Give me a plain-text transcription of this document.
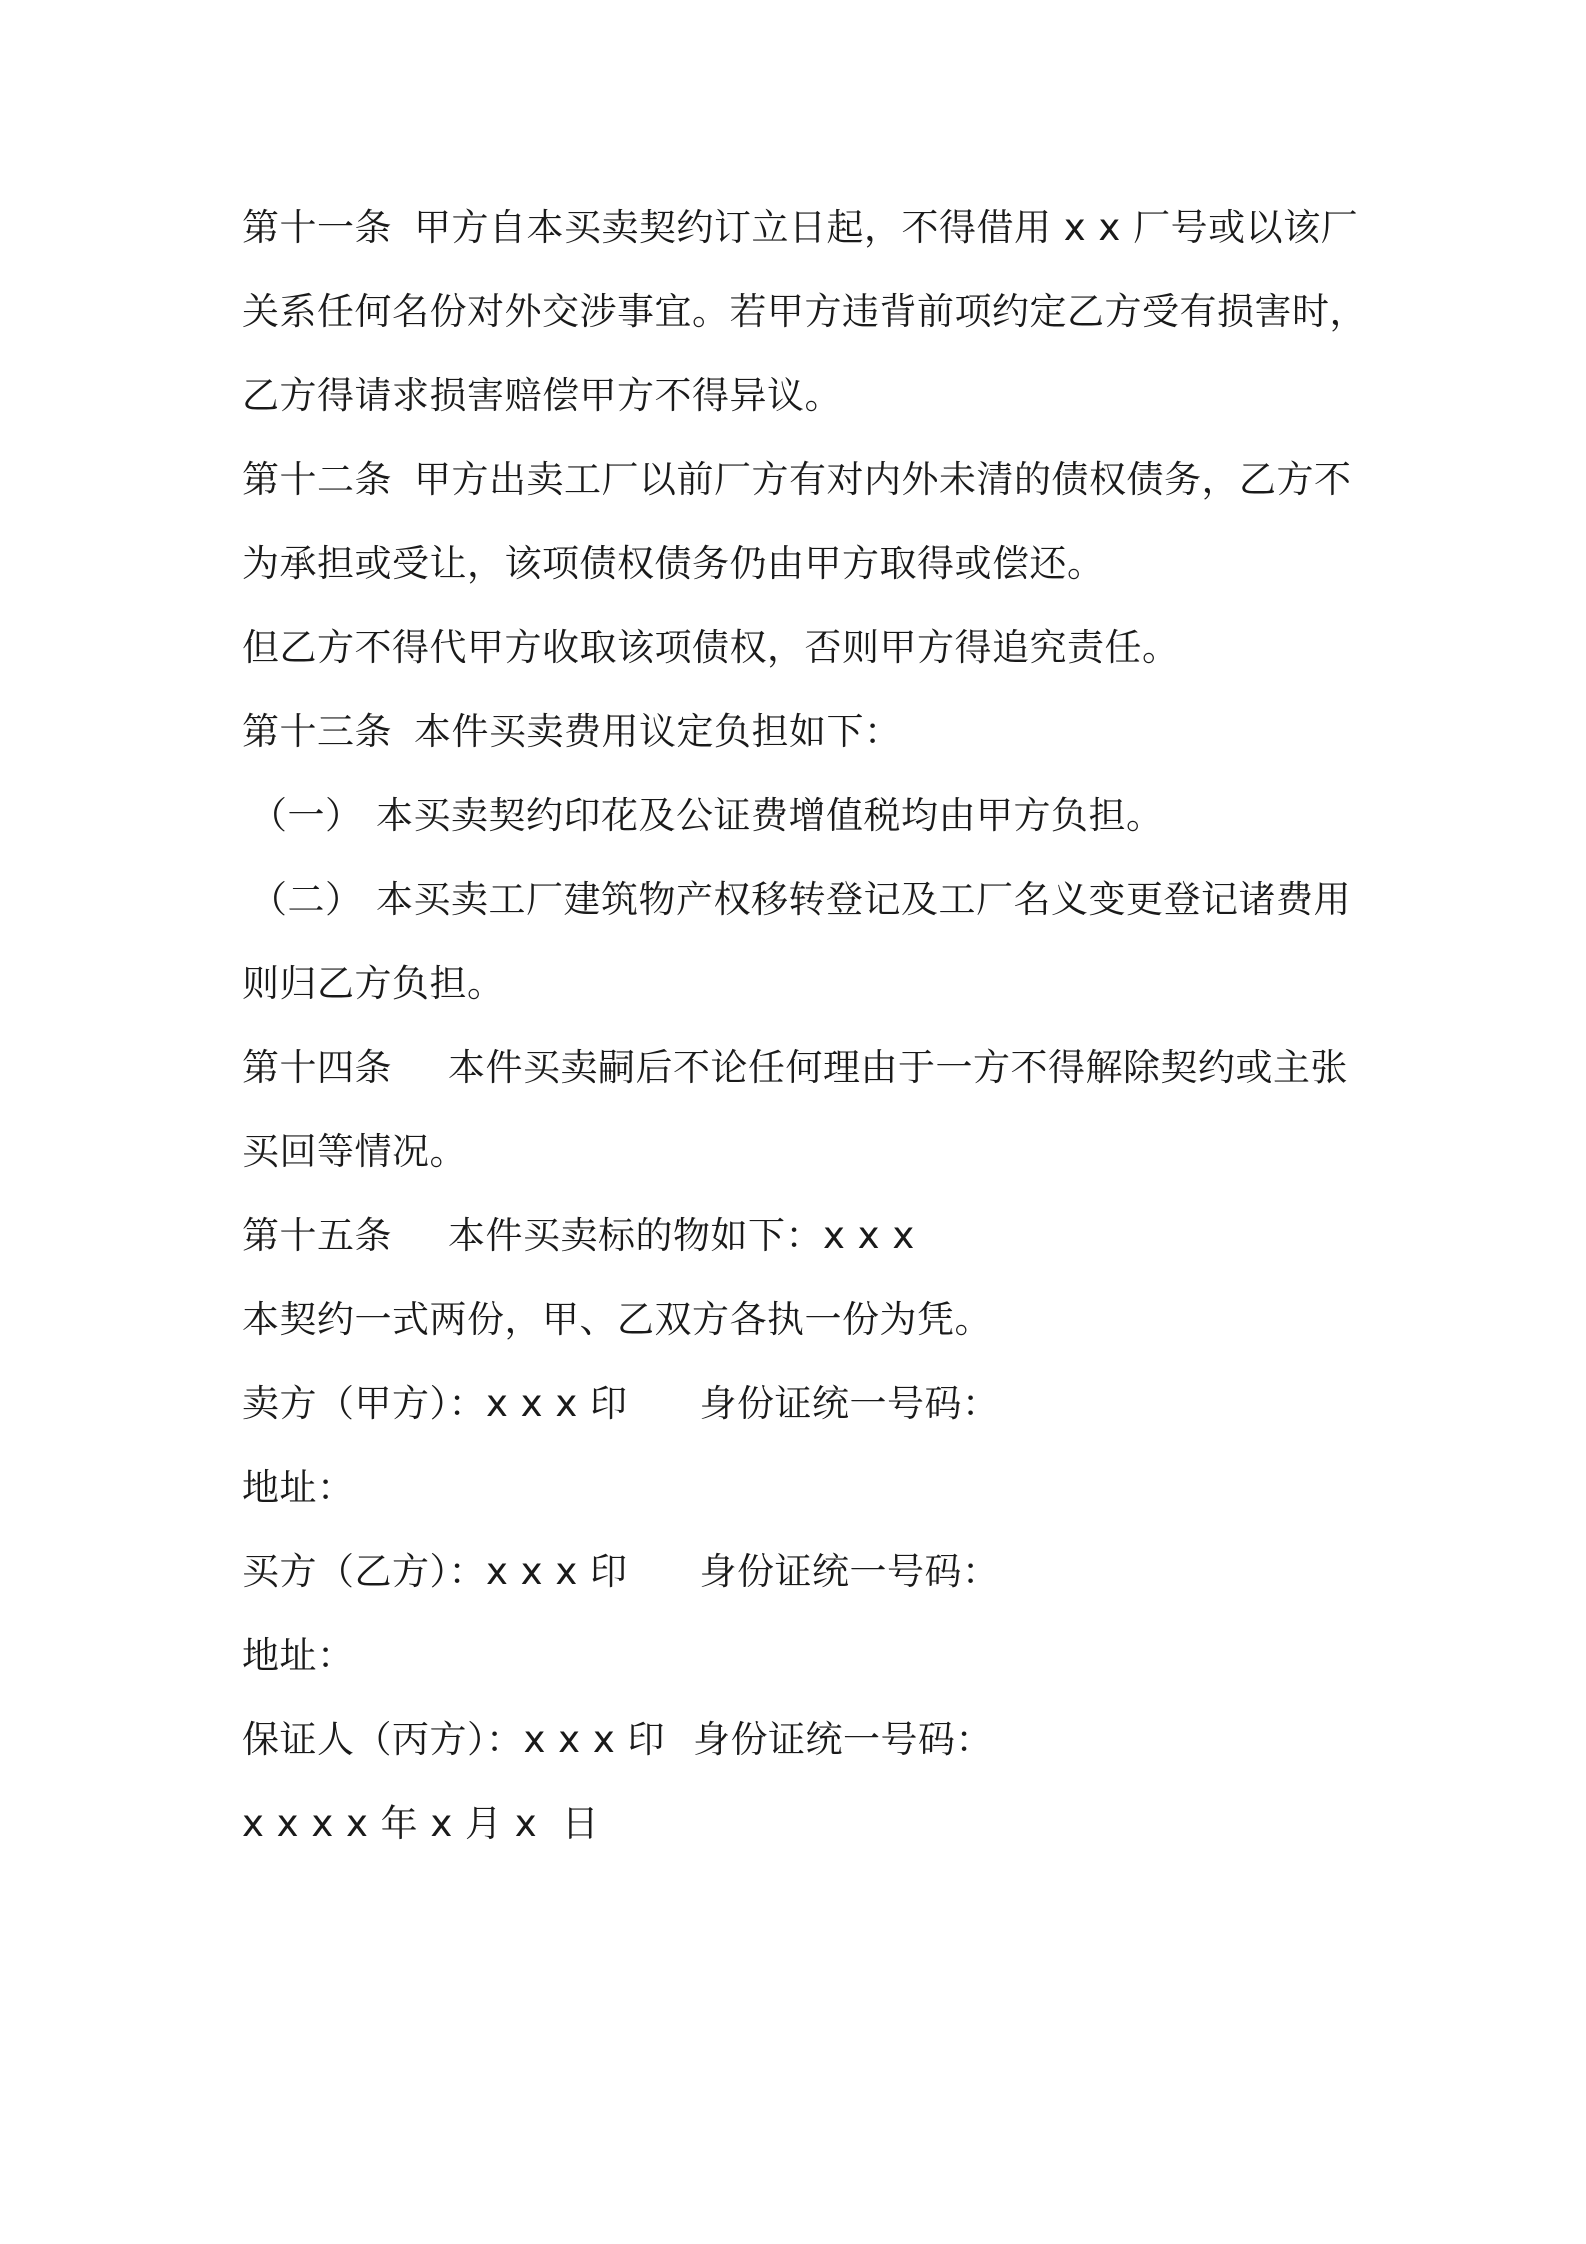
第十一条 甲方自本买卖契约订立日起，不得借用 x x 厂号或以该厂
关系任何名份对外交涉事宜。若甲方违背前项约定乙方受有损害时，
乙方得请求损害赔偿甲方不得异议。
第十二条 甲方出卖工厂以前厂方有对内外未清的债权债务，乙方不
为承担或受让，该项债权债务仍由甲方取得或偿还。
但乙方不得代甲方收取该项债权，否则甲方得追究责任。
第十三条 本件买卖费用议定负担如下：
（一） 本买卖契约印花及公证费增值税均由甲方负担。
（二） 本买卖工厂建筑物产权移转登记及工厂名义变更登记诸费用
则归乙方负担。
第十四条 本件买卖嗣后不论任何理由于一方不得解除契约或主张
买回等情况。
第十五条 本件买卖标的物如下：x x x
本契约一式两份，甲、乙双方各执一份为凭。
卖方（甲方）：x x x 印 身份证统一号码：
地址：
买方（乙方）：x x x 印 身份证统一号码：
地址：
保证人（丙方）：x x x 印 身份证统一号码：
x x x x 年 x 月 x  日
